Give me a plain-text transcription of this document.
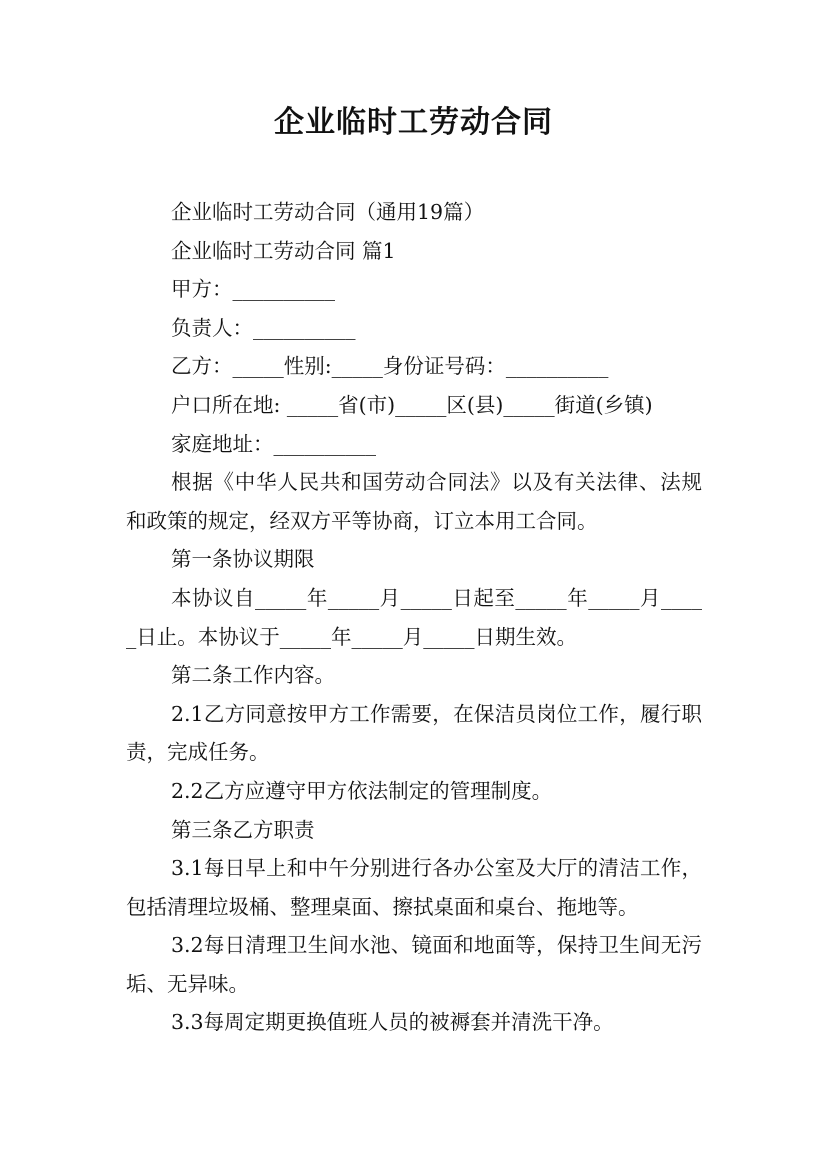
企业临时工劳动合同

企业临时工劳动合同（通用19篇）

企业临时工劳动合同 篇1

甲方：__________

负责人：__________

乙方：_____性别:_____身份证号码：__________

户口所在地: _____省(市)_____区(县)_____街道(乡镇)

家庭地址：__________

根据《中华人民共和国劳动合同法》以及有关法律、法规和政策的规定，经双方平等协商，订立本用工合同。

第一条协议期限

本协议自_____年_____月_____日起至_____年_____月_____日止。本协议于_____年_____月_____日期生效。

第二条工作内容。

2.1乙方同意按甲方工作需要，在保洁员岗位工作，履行职责，完成任务。

2.2乙方应遵守甲方依法制定的管理制度。

第三条乙方职责

3.1每日早上和中午分别进行各办公室及大厅的清洁工作，包括清理垃圾桶、整理桌面、擦拭桌面和桌台、拖地等。

3.2每日清理卫生间水池、镜面和地面等，保持卫生间无污垢、无异味。

3.3每周定期更换值班人员的被褥套并清洗干净。
